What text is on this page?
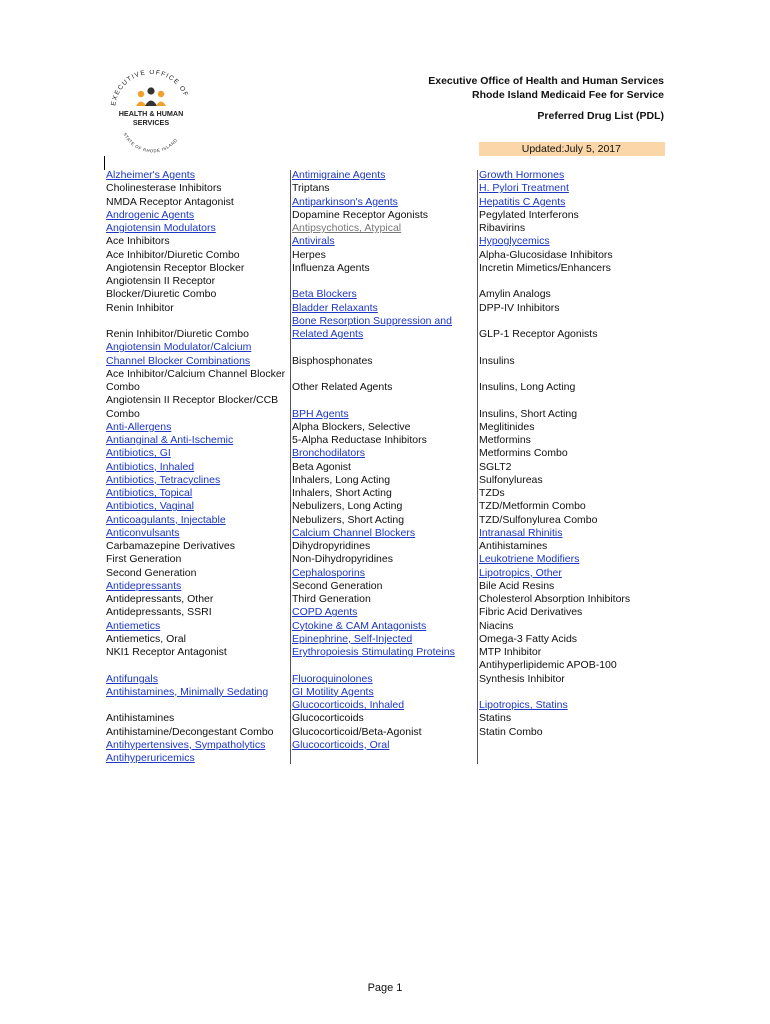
EXECUTIVE OFFICE OF
HEALTH & HUMAN
SERVICES
STATE OF RHODE ISLAND
Executive Office of Health and Human Services
Rhode Island Medicaid Fee for Service
Preferred Drug List (PDL)
Updated:July 5, 2017
Alzheimer's Agents
Cholinesterase Inhibitors
NMDA Receptor Antagonist
Androgenic Agents
Angiotensin Modulators
Ace Inhibitors
Ace Inhibitor/Diuretic Combo
Angiotensin Receptor Blocker
Angiotensin II Receptor
Blocker/Diuretic Combo
Renin Inhibitor
Renin Inhibitor/Diuretic Combo
Angiotensin Modulator/Calcium
Channel Blocker Combinations
Ace Inhibitor/Calcium Channel Blocker
Combo
Angiotensin II Receptor Blocker/CCB
Combo
Anti-Allergens
Antianginal & Anti-Ischemic
Antibiotics, GI
Antibiotics, Inhaled
Antibiotics, Tetracyclines
Antibiotics, Topical
Antibiotics, Vaginal
Anticoagulants, Injectable
Anticonvulsants
Carbamazepine Derivatives
First Generation
Second Generation
Antidepressants
Antidepressants, Other
Antidepressants, SSRI
Antiemetics
Antiemetics, Oral
NKI1 Receptor Antagonist
Antifungals
Antihistamines, Minimally Sedating
Antihistamines
Antihistamine/Decongestant Combo
Antihypertensives, Sympatholytics
Antihyperuricemics
Antimigraine Agents
Triptans
Antiparkinson's Agents
Dopamine Receptor Agonists
Antipsychotics, Atypical
Antivirals
Herpes
Influenza Agents
Beta Blockers
Bladder Relaxants
Bone Resorption Suppression and
Related Agents
Bisphosphonates
Other Related Agents
BPH Agents
Alpha Blockers, Selective
5-Alpha Reductase Inhibitors
Bronchodilators
Beta Agonist
Inhalers, Long Acting
Inhalers, Short Acting
Nebulizers, Long Acting
Nebulizers, Short Acting
Calcium Channel Blockers
Dihydropyridines
Non-Dihydropyridines
Cephalosporins
Second Generation
Third Generation
COPD Agents
Cytokine & CAM Antagonists
Epinephrine, Self-Injected
Erythropoiesis Stimulating Proteins
Fluoroquinolones
GI Motility Agents
Glucocorticoids, Inhaled
Glucocorticoids
Glucocorticoid/Beta-Agonist
Glucocorticoids, Oral
Growth Hormones
H. Pylori Treatment
Hepatitis C Agents
Pegylated Interferons
Ribavirins
Hypoglycemics
Alpha-Glucosidase Inhibitors
Incretin Mimetics/Enhancers
Amylin Analogs
DPP-IV Inhibitors
GLP-1 Receptor Agonists
Insulins
Insulins, Long Acting
Insulins, Short Acting
Meglitinides
Metformins
Metformins Combo
SGLT2
Sulfonylureas
TZDs
TZD/Metformin Combo
TZD/Sulfonylurea Combo
Intranasal Rhinitis
Antihistamines
Leukotriene Modifiers
Lipotropics, Other
Bile Acid Resins
Cholesterol Absorption Inhibitors
Fibric Acid Derivatives
Niacins
Omega-3 Fatty Acids
MTP Inhibitor
Antihyperlipidemic APOB-100
Synthesis Inhibitor
Lipotropics, Statins
Statins
Statin Combo
Page 1
